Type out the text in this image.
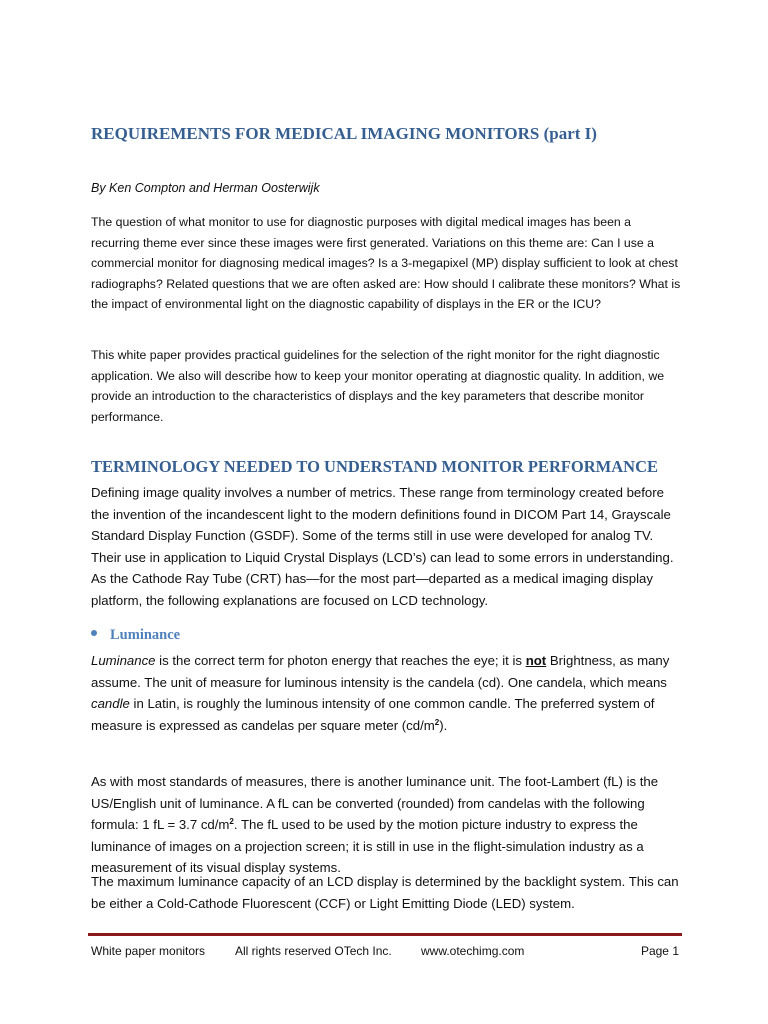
REQUIREMENTS FOR MEDICAL IMAGING MONITORS (part I)
By Ken Compton and Herman Oosterwijk

The question of what monitor to use for diagnostic purposes with digital medical images has been a recurring theme ever since these images were first generated. Variations on this theme are: Can I use a commercial monitor for diagnosing medical images? Is a 3-megapixel (MP) display sufficient to look at chest radiographs? Related questions that we are often asked are: How should I calibrate these monitors? What is the impact of environmental light on the diagnostic capability of displays in the ER or the ICU?

This white paper provides practical guidelines for the selection of the right monitor for the right diagnostic application. We also will describe how to keep your monitor operating at diagnostic quality. In addition, we provide an introduction to the characteristics of displays and the key parameters that describe monitor performance.

TERMINOLOGY NEEDED TO UNDERSTAND MONITOR PERFORMANCE

Defining image quality involves a number of metrics. These range from terminology created before the invention of the incandescent light to the modern definitions found in DICOM Part 14, Grayscale Standard Display Function (GSDF). Some of the terms still in use were developed for analog TV. Their use in application to Liquid Crystal Displays (LCD’s) can lead to some errors in understanding. As the Cathode Ray Tube (CRT) has—for the most part—departed as a medical imaging display platform, the following explanations are focused on LCD technology.

Luminance

Luminance is the correct term for photon energy that reaches the eye; it is not Brightness, as many assume. The unit of measure for luminous intensity is the candela (cd). One candela, which means candle in Latin, is roughly the luminous intensity of one common candle. The preferred system of measure is expressed as candelas per square meter $(cd/m^2)$.

As with most standards of measures, there is another luminance unit. The foot-Lambert (fL) is the US/English unit of luminance. A fL can be converted (rounded) from candelas with the following formula: 1 fL = 3.7 $cd/m^2$. The fL used to be used by the motion picture industry to express the luminance of images on a projection screen; it is still in use in the flight-simulation industry as a measurement of its visual display systems.

The maximum luminance capacity of an LCD display is determined by the backlight system. This can be either a Cold-Cathode Fluorescent (CCF) or Light Emitting Diode (LED) system.

White paper monitors All rights reserved OTech Inc. www.otechimg.com	Page 1
